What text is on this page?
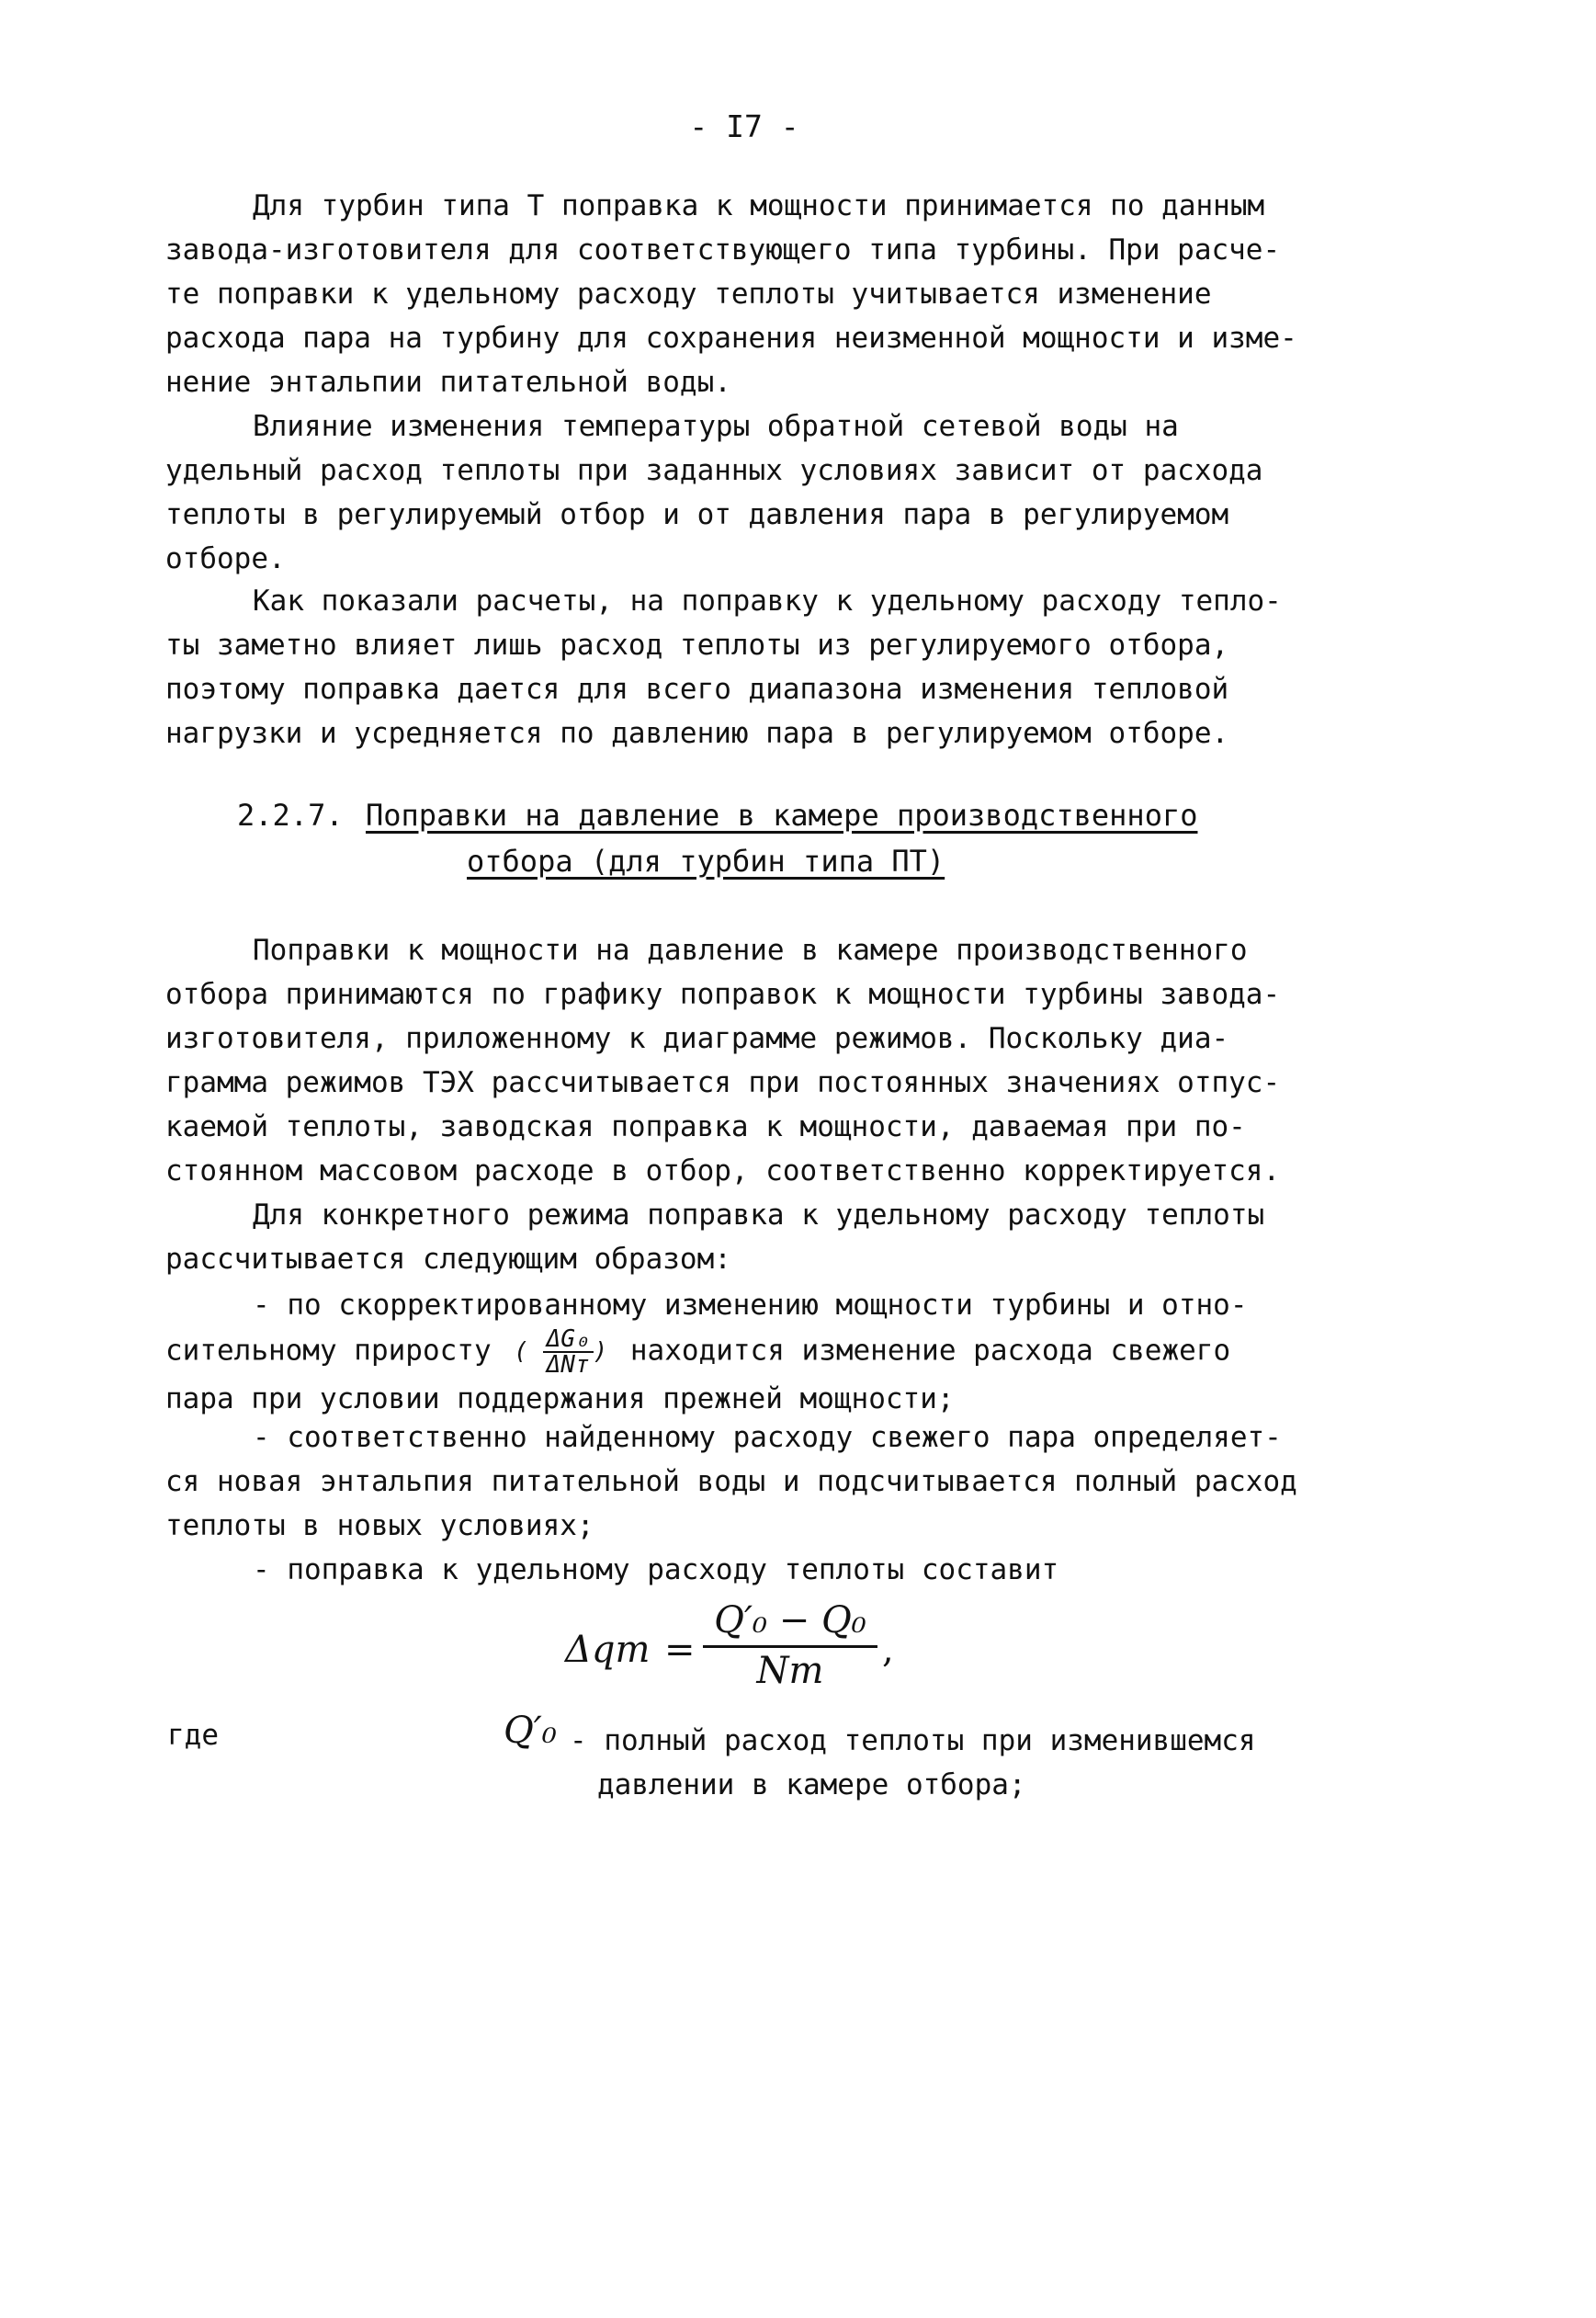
- I7 -
Для турбин типа Т поправка к мощности принимается по данным
завода-изготовителя для соответствующего типа турбины. При расче-
те поправки к удельному расходу теплоты учитывается изменение
расхода пара на турбину для сохранения неизменной мощности и изме-
нение энтальпии питательной воды.
Влияние изменения температуры обратной сетевой воды на
удельный расход теплоты при заданных условиях зависит от расхода
теплоты в регулируемый отбор и от давления пара в регулируемом
отборе.
Как показали расчеты, на поправку к удельному расходу тепло-
ты заметно влияет лишь расход теплоты из регулируемого отбора,
поэтому поправка дается для всего диапазона изменения тепловой
нагрузки и усредняется по давлению пара в регулируемом отборе.
2.2.7. Поправки на давление в камере производственного
отбора (для турбин типа ПТ)
Поправки к мощности на давление в камере производственного
отбора принимаются по графику поправок к мощности турбины завода-
изготовителя, приложенному к диаграмме режимов. Поскольку диа-
грамма режимов ТЭХ рассчитывается при постоянных значениях отпус-
каемой теплоты, заводская поправка к мощности, даваемая при по-
стоянном массовом расходе в отбор, соответственно корректируется.
Для конкретного режима поправка к удельному расходу теплоты
рассчитывается следующим образом:
- по скорректированному изменению мощности турбины и отно-
сительному приросту ( ΔG₀
ΔNт ) находится изменение расхода свежего
пара при условии поддержания прежней мощности;
- соответственно найденному расходу свежего пара определяет-
ся новая энтальпия питательной воды и подсчитывается полный расход
теплоты в новых условиях;
- поправка к удельному расходу теплоты составит
Δqт =
Q′₀ − Q₀
Nт	,
где	Q′₀ - полный расход теплоты при изменившемся
давлении в камере отбора;
